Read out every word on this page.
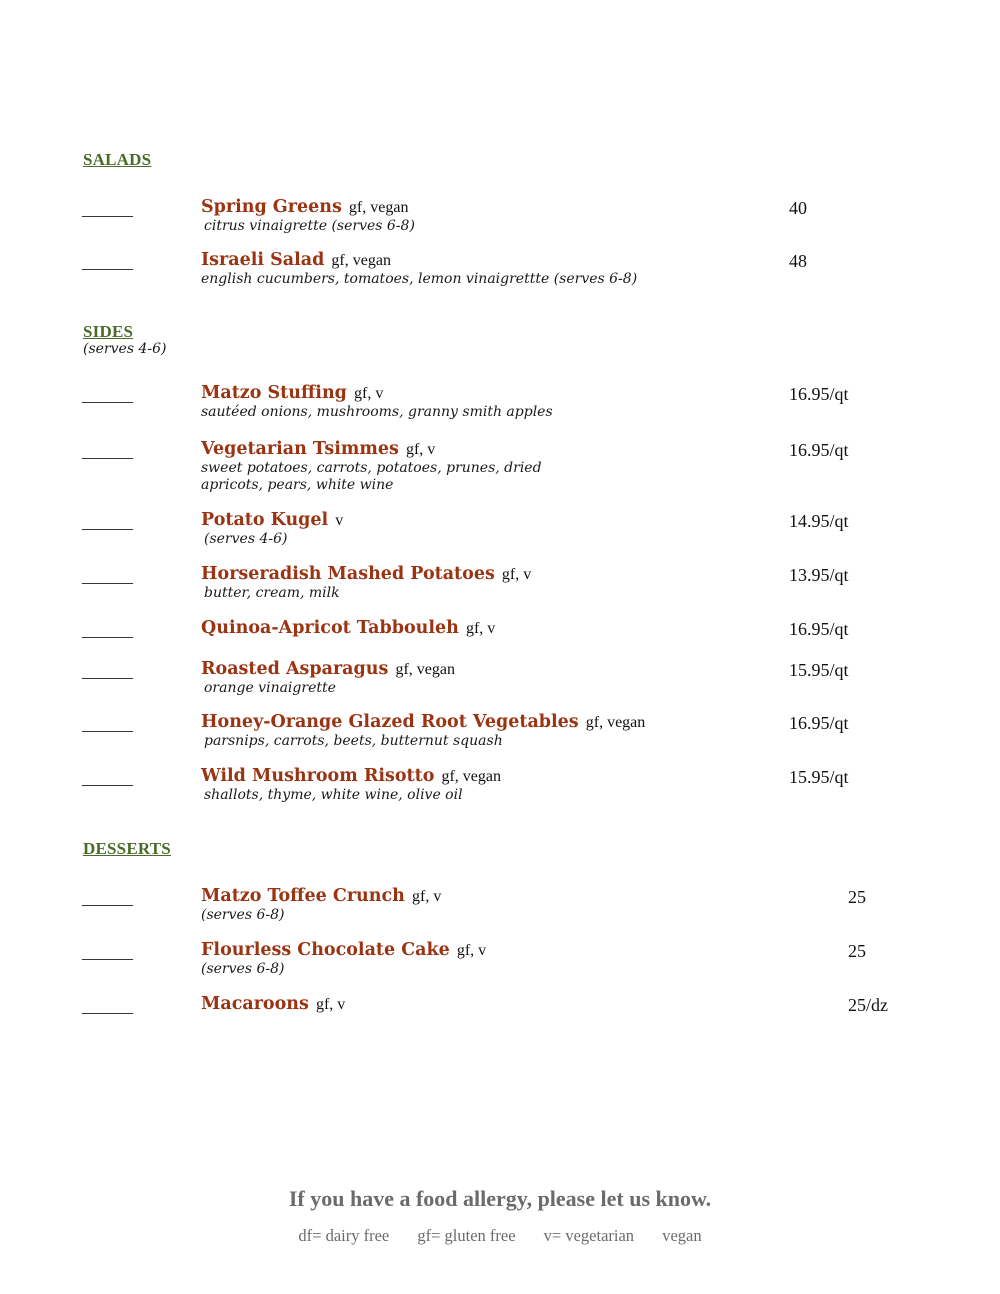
SALADS
______	Spring Greens gf, vegan
citrus vinaigrette (serves 6-8)
40
______	Israeli Salad gf, vegan
english cucumbers, tomatoes, lemon vinaigrettte (serves 6-8)
48
SIDES
(serves 4-6)
______	Matzo Stuffing gf, v
sautéed onions, mushrooms, granny smith apples
16.95/qt
______	Vegetarian Tsimmes gf, v
sweet potatoes, carrots, potatoes, prunes, dried apricots, pears, white wine
16.95/qt
______	Potato Kugel v
(serves 4-6)
14.95/qt
______	Horseradish Mashed Potatoes gf, v
butter, cream, milk
13.95/qt
______	Quinoa-Apricot Tabbouleh gf, v	16.95/qt
______	Roasted Asparagus gf, vegan
orange vinaigrette
15.95/qt
______	Honey-Orange Glazed Root Vegetables gf, vegan
parsnips, carrots, beets, butternut squash
16.95/qt
______	Wild Mushroom Risotto gf, vegan
shallots, thyme, white wine, olive oil
15.95/qt
DESSERTS
______	Matzo Toffee Crunch gf, v
(serves 6-8)
25
______	Flourless Chocolate Cake gf, v
(serves 6-8)
25
______	Macaroons gf, v	25/dz
If you have a food allergy, please let us know.
df= dairy free gf= gluten free v= vegetarian vegan
